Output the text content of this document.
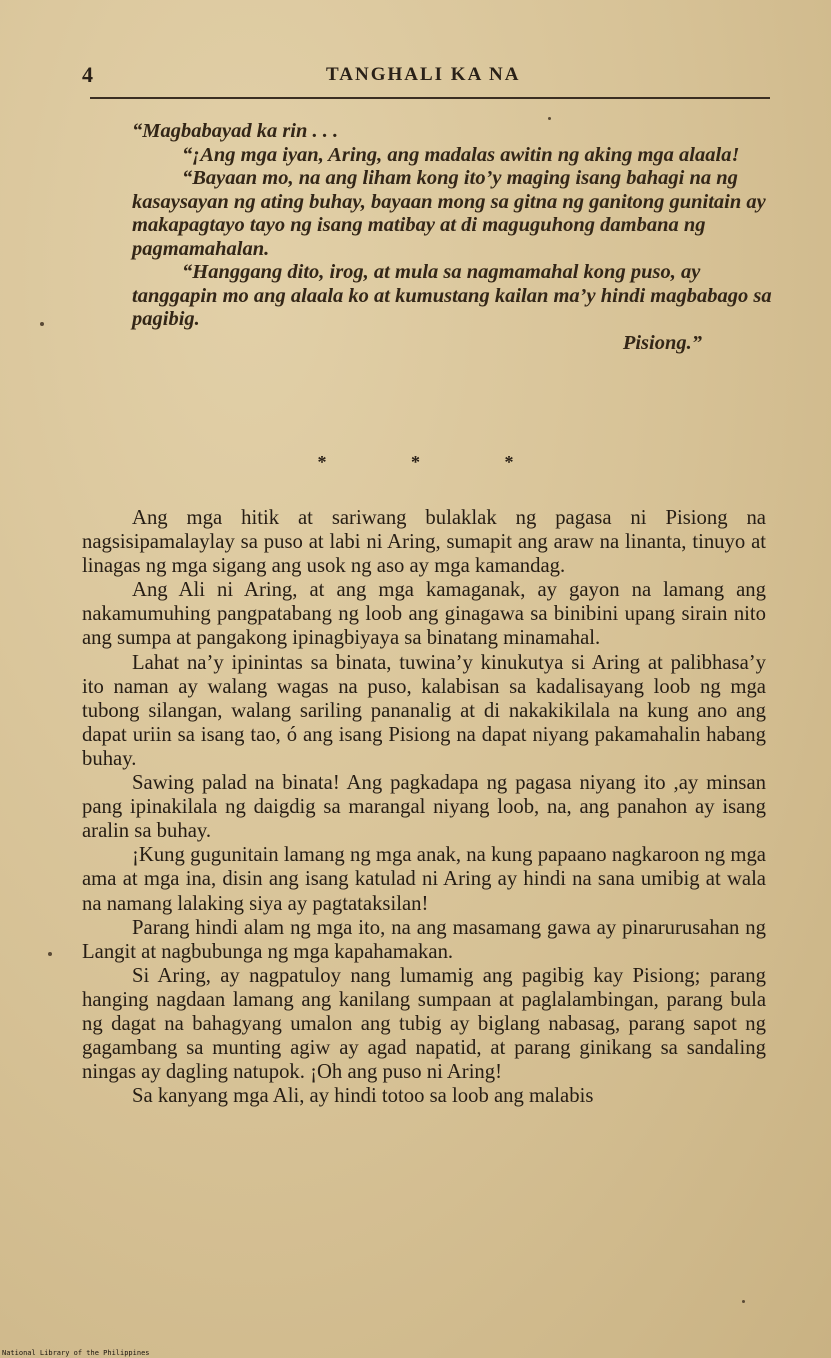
4	TANGHALI KA NA

“Magbabayad ka rin . . .

“¡Ang mga iyan, Aring, ang madalas awitin ng aking mga alaala!

“Bayaan mo, na ang liham kong ito’y maging isang bahagi na ng kasaysayan ng ating buhay, bayaan mong sa gitna ng ganitong gunitain ay makapagtayo tayo ng isang matibay at di maguguhong dambana ng pagmamahalan.

“Hanggang dito, irog, at mula sa nagmamahal kong puso, ay tanggapin mo ang alaala ko at kumustang kailan ma’y hindi magbabago sa pagibig.

Pisiong.”

* * *

Ang mga hitik at sariwang bulaklak ng pagasa ni Pisiong na nagsisipamalaylay sa puso at labi ni Aring, sumapit ang araw na linanta, tinuyo at linagas ng mga sigang ang usok ng aso ay mga kamandag.

Ang Ali ni Aring, at ang mga kamaganak, ay gayon na lamang ang nakamumuhing pangpatabang ng loob ang ginagawa sa binibini upang sirain nito ang sumpa at pangakong ipinagbiyaya sa binatang minamahal.

Lahat na’y ipinintas sa binata, tuwina’y kinukutya si Aring at palibhasa’y ito naman ay walang wagas na puso, kalabisan sa kadalisayang loob ng mga tubong silangan, walang sariling pananalig at di nakakikilala na kung ano ang dapat uriin sa isang tao, ó ang isang Pisiong na dapat niyang pakamahalin habang buhay.

Sawing palad na binata! Ang pagkadapa ng pagasa niyang ito ,ay minsan pang ipinakilala ng daigdig sa marangal niyang loob, na, ang panahon ay isang aralin sa buhay.

¡Kung gugunitain lamang ng mga anak, na kung papaano nagkaroon ng mga ama at mga ina, disin ang isang katulad ni Aring ay hindi na sana umibig at wala na namang lalaking siya ay pagtataksilan!

Parang hindi alam ng mga ito, na ang masamang gawa ay pinarurusahan ng Langit at nagbubunga ng mga kapahamakan.

Si Aring, ay nagpatuloy nang lumamig ang pagibig kay Pisiong; parang hanging nagdaan lamang ang kanilang sumpaan at paglalambingan, parang bula ng dagat na bahagyang umalon ang tubig ay biglang nabasag, parang sapot ng gagambang sa munting agiw ay agad napatid, at parang ginikang sa sandaling ningas ay dagling natupok. ¡Oh ang puso ni Aring!

Sa kanyang mga Ali, ay hindi totoo sa loob ang malabis

National Library of the Philippines
